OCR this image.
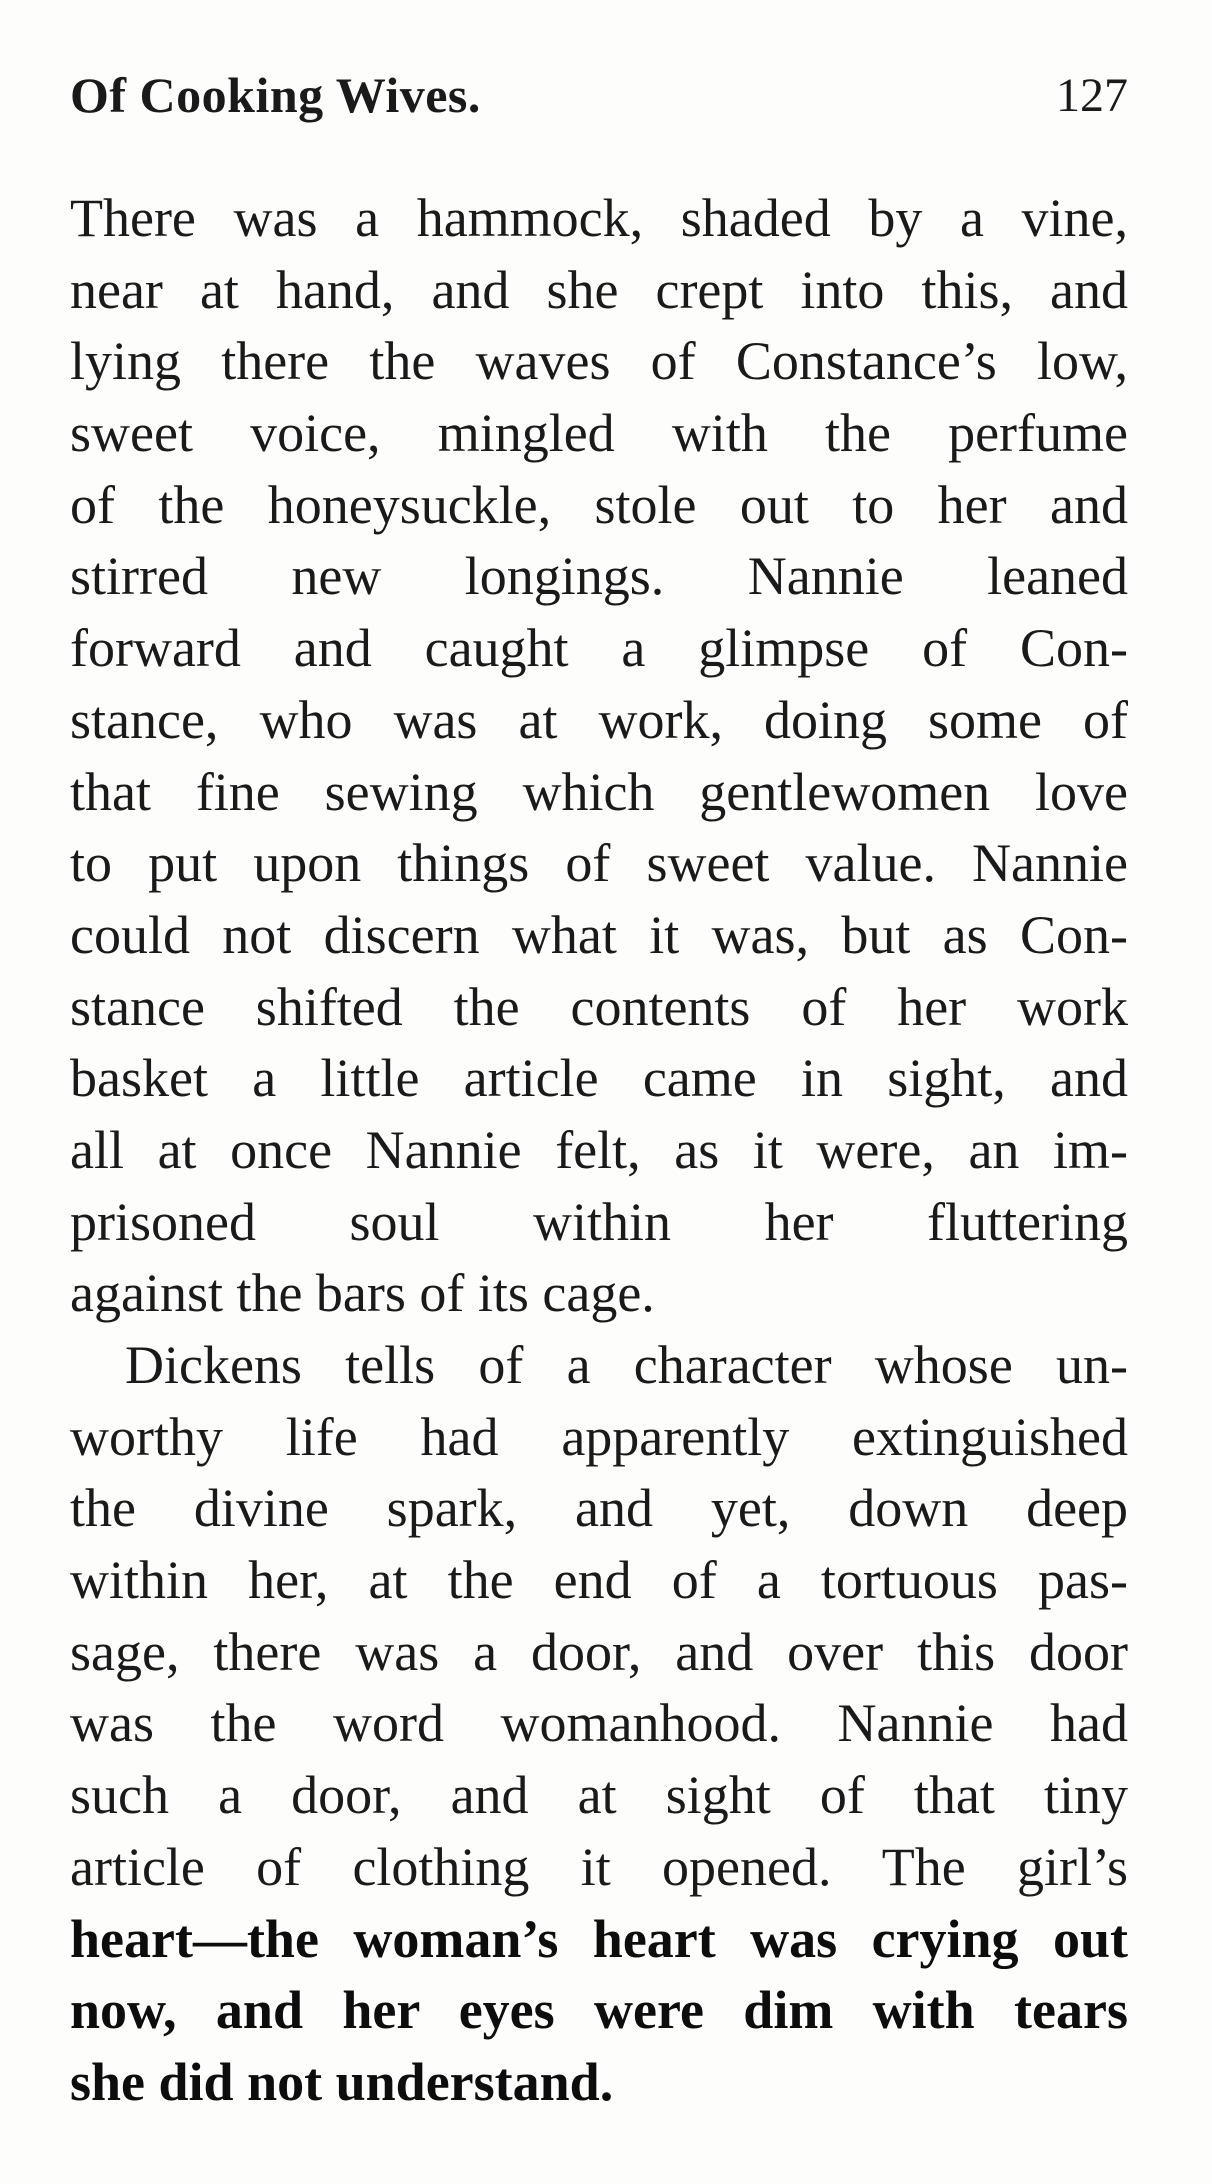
Of Cooking Wives.	127
There was a hammock, shaded by a vine,
near at hand, and she crept into this, and
lying there the waves of Constance’s low,
sweet voice, mingled with the perfume
of the honeysuckle, stole out to her and
stirred new longings. Nannie leaned
forward and caught a glimpse of Con-
stance, who was at work, doing some of
that fine sewing which gentlewomen love
to put upon things of sweet value. Nannie
could not discern what it was, but as Con-
stance shifted the contents of her work
basket a little article came in sight, and
all at once Nannie felt, as it were, an im-
prisoned soul within her fluttering
against the bars of its cage.
Dickens tells of a character whose un-
worthy life had apparently extinguished
the divine spark, and yet, down deep
within her, at the end of a tortuous pas-
sage, there was a door, and over this door
was the word womanhood. Nannie had
such a door, and at sight of that tiny
article of clothing it opened. The girl’s
heart—the woman’s heart was crying out
now, and her eyes were dim with tears
she did not understand.
